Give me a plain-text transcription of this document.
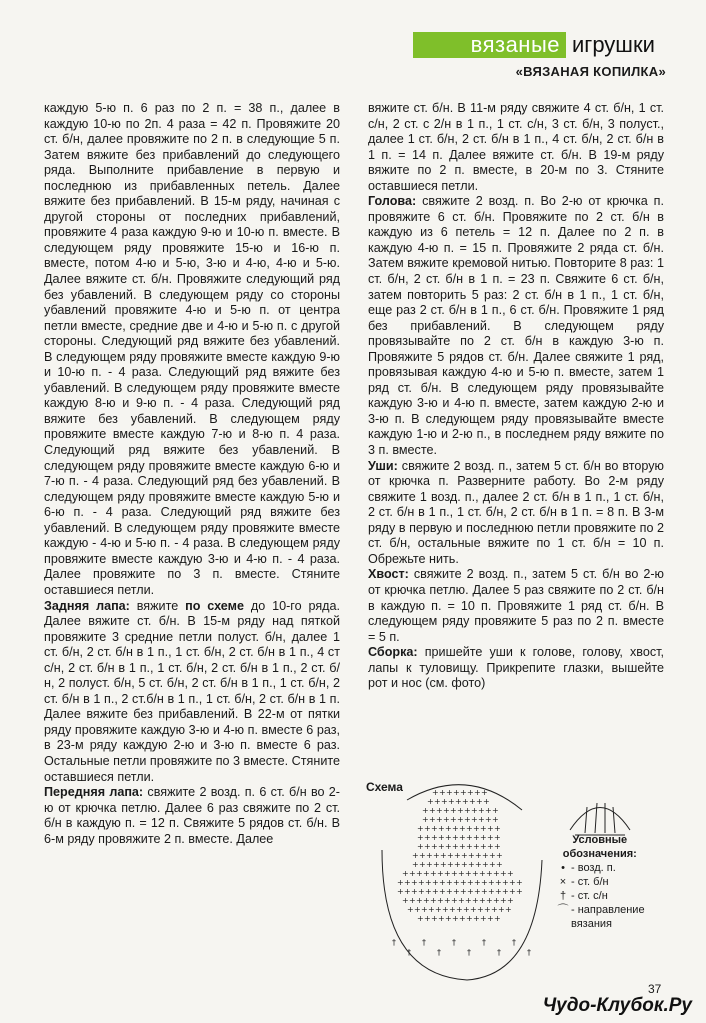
вязаные игрушки
«ВЯЗАНАЯ КОПИЛКА»

каждую 5-ю п. 6 раз по 2 п. = 38 п., далее в каждую 10-ю по 2п. 4 раза = 42 п. Провяжите 20 ст. б/н, далее провяжите по 2 п. в следующие 5 п. Затем вяжите без прибавлений до следующего ряда. Выполните прибавление в первую и последнюю из прибавленных петель. Далее вяжите без прибавлений. В 15-м ряду, начиная с другой стороны от последних прибавлений, провяжите 4 раза каждую 9-ю и 10-ю п. вместе. В следующем ряду провяжите 15-ю и 16-ю п. вместе, потом 4-ю и 5-ю, 3-ю и 4-ю, 4-ю и 5-ю. Далее вяжите ст. б/н. Провяжите следующий ряд без убавлений. В следующем ряду со стороны убавлений провяжите 4-ю и 5-ю п. от центра петли вместе, средние две и 4-ю и 5-ю п. с другой стороны. Следующий ряд вяжите без убавлений. В следующем ряду провяжите вместе каждую 9-ю и 10-ю п. - 4 раза. Следующий ряд вяжите без убавлений. В следующем ряду провяжите вместе каждую 8-ю и 9-ю п. - 4 раза. Следующий ряд вяжите без убавлений. В следующем ряду провяжите вместе каждую 7-ю и 8-ю п. 4 раза. Следующий ряд вяжите без убавлений. В следующем ряду провяжите вместе каждую 6-ю и 7-ю п. - 4 раза. Следующий ряд без убавлений. В следующем ряду провяжите вместе каждую 5-ю и 6-ю п. - 4 раза. Следующий ряд вяжите без убавлений. В следующем ряду провяжите вместе каждую - 4-ю и 5-ю п. - 4 раза. В следующем ряду провяжите вместе каждую 3-ю и 4-ю п. - 4 раза. Далее провяжите по 3 п. вместе. Стяните оставшиеся петли.

Задняя лапа: вяжите по схеме до 10-го ряда. Далее вяжите ст. б/н. В 15-м ряду над пяткой провяжите 3 средние петли полуст. б/н, далее 1 ст. б/н, 2 ст. б/н в 1 п., 1 ст. б/н, 2 ст. б/н в 1 п., 4 ст с/н, 2 ст. б/н в 1 п., 1 ст. б/н, 2 ст. б/н в 1 п., 2 ст. б/н, 2 полуст. б/н, 5 ст. б/н, 2 ст. б/н в 1 п., 1 ст. б/н, 2 ст. б/н в 1 п., 2 ст.б/н в 1 п., 1 ст. б/н, 2 ст. б/н в 1 п. Далее вяжите без прибавлений. В 22-м от пятки ряду провяжите каждую 3-ю и 4-ю п. вместе 6 раз, в 23-м ряду каждую 2-ю и 3-ю п. вместе 6 раз. Остальные петли провяжите по 3 вместе. Стяните оставшиеся петли.

Передняя лапа: свяжите 2 возд. п. 6 ст. б/н во 2-ю от крючка петлю. Далее 6 раз свяжите по 2 ст. б/н в каждую п. = 12 п. Свяжите 5 рядов ст. б/н. В 6-м ряду провяжите 2 п. вместе. Далее

вяжите ст. б/н. В 11-м ряду свяжите 4 ст. б/н, 1 ст. с/н, 2 ст. с 2/н в 1 п., 1 ст. с/н, 3 ст. б/н, 3 полуст., далее 1 ст. б/н, 2 ст. б/н в 1 п., 4 ст. б/н, 2 ст. б/н в 1 п. = 14 п. Далее вяжите ст. б/н. В 19-м ряду вяжите по 2 п. вместе, в 20-м по 3. Стяните оставшиеся петли.

Голова: свяжите 2 возд. п. Во 2-ю от крючка п. провяжите 6 ст. б/н. Провяжите по 2 ст. б/н в каждую из 6 петель = 12 п. Далее по 2 п. в каждую 4-ю п. = 15 п. Провяжите 2 ряда ст. б/н. Затем вяжите кремовой нитью. Повторите 8 раз: 1 ст. б/н, 2 ст. б/н в 1 п. = 23 п. Свяжите 6 ст. б/н, затем повторить 5 раз: 2 ст. б/н в 1 п., 1 ст. б/н, еще раз 2 ст. б/н в 1 п., 6 ст. б/н. Провяжите 1 ряд без прибавлений. В следующем ряду провязывайте по 2 ст. б/н в каждую 3-ю п. Провяжите 5 рядов ст. б/н. Далее свяжите 1 ряд, провязывая каждую 4-ю и 5-ю п. вместе, затем 1 ряд ст. б/н. В следующем ряду провязывайте каждую 3-ю и 4-ю п. вместе, затем каждую 2-ю и 3-ю п. В следующем ряду провязывайте вместе каждую 1-ю и 2-ю п., в последнем ряду вяжите по 3 п. вместе.

Уши: свяжите 2 возд. п., затем 5 ст. б/н во вторую от крючка п. Разверните работу. Во 2-м ряду свяжите 1 возд. п., далее 2 ст. б/н в 1 п., 1 ст. б/н, 2 ст. б/н в 1 п., 1 ст. б/н, 2 ст. б/н в 1 п. = 8 п. В 3-м ряду в первую и последнюю петли провяжите по 2 ст. б/н, остальные вяжите по 1 ст. б/н = 10 п. Обрежьте нить.

Хвост: свяжите 2 возд. п., затем 5 ст. б/н во 2-ю от крючка петлю. Далее 5 раз свяжите по 2 ст. б/н в каждую п. = 10 п. Провяжите 1 ряд ст. б/н. В следующем ряду провяжите 5 раз по 2 п. вместе = 5 п.

Сборка: пришейте уши к голове, голову, хвост, лапы к туловищу. Прикрепите глазки, вышейте рот и нос (см. фото)

Схема	+ + + + + + + +
+ + + + + + + + +
+ + + + + + + + + + +
+ + + + + + + + + + +
+ + + + + + + + + + + +
+ + + + + + + + + + + +
+ + + + + + + + + + + +
+ + + + + + + + + + + + +
+ + + + + + + + + + + + +
+ + + + + + + + + + + + + + + +
+ + + + + + + + + + + + + + + + + +
+ + + + + + + + + + + + + + + + + +
+ + + + + + + + + + + + + + + +
+ + + + + + + + + + + + + + +
+ + + + + + + + + + + +
†
†
†
†
†
†
†
†
†
†
Условные
обозначения:
• - возд. п.
× - ст. б/н
† - ст. с/н
⌒ - направление
вязания
37
Чудо-Клубок.Ру
